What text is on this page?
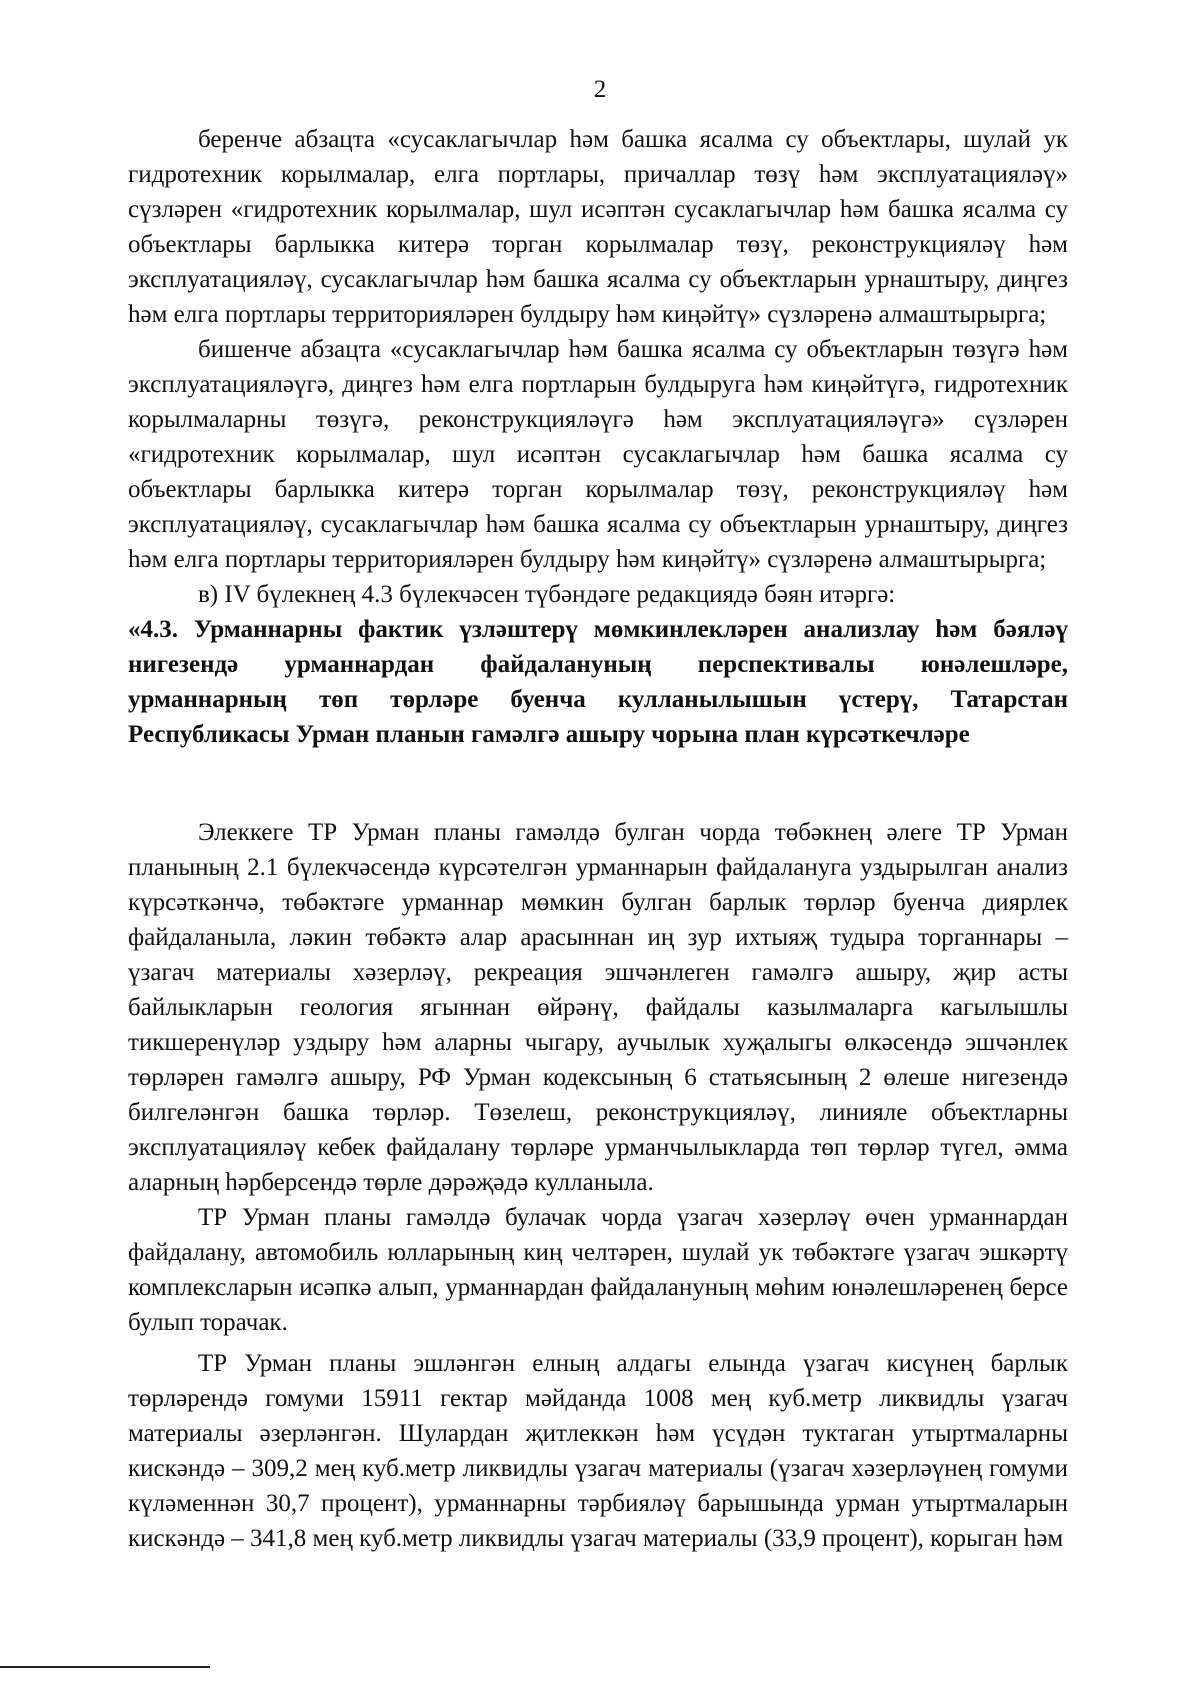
2

беренче абзацта «сусаклагычлар һәм башка ясалма су объектлары, шулай ук гидротехник корылмалар, елга портлары, причаллар төзү һәм эксплуатацияләү» сүзләрен «гидротехник корылмалар, шул исәптән сусаклагычлар һәм башка ясалма су объектлары барлыкка китерә торган корылмалар төзү, реконструкцияләү һәм эксплуатацияләү, сусаклагычлар һәм башка ясалма су объектларын урнаштыру, диңгез һәм елга портлары территорияләрен булдыру һәм киңәйтү» сүзләренә алмаштырырга;

бишенче абзацта «сусаклагычлар һәм башка ясалма су объектларын төзүгә һәм эксплуатацияләүгә, диңгез һәм елга портларын булдыруга һәм киңәйтүгә, гидротехник корылмаларны төзүгә, реконструкцияләүгә һәм эксплуатацияләүгә» сүзләрен «гидротехник корылмалар, шул исәптән сусаклагычлар һәм башка ясалма су объектлары барлыкка китерә торган корылмалар төзү, реконструкцияләү һәм эксплуатацияләү, сусаклагычлар һәм башка ясалма су объектларын урнаштыру, диңгез һәм елга портлары территорияләрен булдыру һәм киңәйтү» сүзләренә алмаштырырга;

в) IV бүлекнең 4.3 бүлекчәсен түбәндәге редакциядә бәян итәргә:

«4.3. Урманнарны фактик үзләштерү мөмкинлекләрен анализлау һәм бәяләү нигезендә урманнардан файдалануның перспективалы юнәлешләре, урманнарның төп төрләре буенча кулланылышын үстерү, Татарстан Республикасы Урман планын гамәлгә ашыру чорына план күрсәткечләре

Элеккеге ТР Урман планы гамәлдә булган чорда төбәкнең әлеге ТР Урман планының 2.1 бүлекчәсендә күрсәтелгән урманнарын файдалануга уздырылган анализ күрсәткәнчә, төбәктәге урманнар мөмкин булган барлык төрләр буенча диярлек файдаланыла, ләкин төбәктә алар арасыннан иң зур ихтыяҗ тудыра торганнары – үзагач материалы хәзерләү, рекреация эшчәнлеген гамәлгә ашыру, җир асты байлыкларын геология ягыннан өйрәнү, файдалы казылмаларга кагылышлы тикшеренүләр уздыру һәм аларны чыгару, аучылык хуҗалыгы өлкәсендә эшчәнлек төрләрен гамәлгә ашыру, РФ Урман кодексының 6 статьясының 2 өлеше нигезендә билгеләнгән башка төрләр. Төзелеш, реконструкцияләү, линияле объектларны эксплуатацияләү кебек файдалану төрләре урманчылыкларда төп төрләр түгел, әмма аларның һәрберсендә төрле дәрәҗәдә кулланыла.

ТР Урман планы гамәлдә булачак чорда үзагач хәзерләү өчен урманнардан файдалану, автомобиль юлларының киң челтәрен, шулай ук төбәктәге үзагач эшкәртү комплексларын исәпкә алып, урманнардан файдалануның мөһим юнәлешләренең берсе булып торачак.

ТР Урман планы эшләнгән елның алдагы елында үзагач кисүнең барлык төрләрендә гомуми 15911 гектар мәйданда 1008 мең куб.метр ликвидлы үзагач материалы әзерләнгән. Шулардан җитлеккән һәм үсүдән туктаган утыртмаларны кискәндә – 309,2 мең куб.метр ликвидлы үзагач материалы (үзагач хәзерләүнең гомуми күләменнән 30,7 процент), урманнарны тәрбияләү барышында урман утыртмаларын кискәндә – 341,8 мең куб.метр ликвидлы үзагач материалы (33,9 процент), корыган һәм
